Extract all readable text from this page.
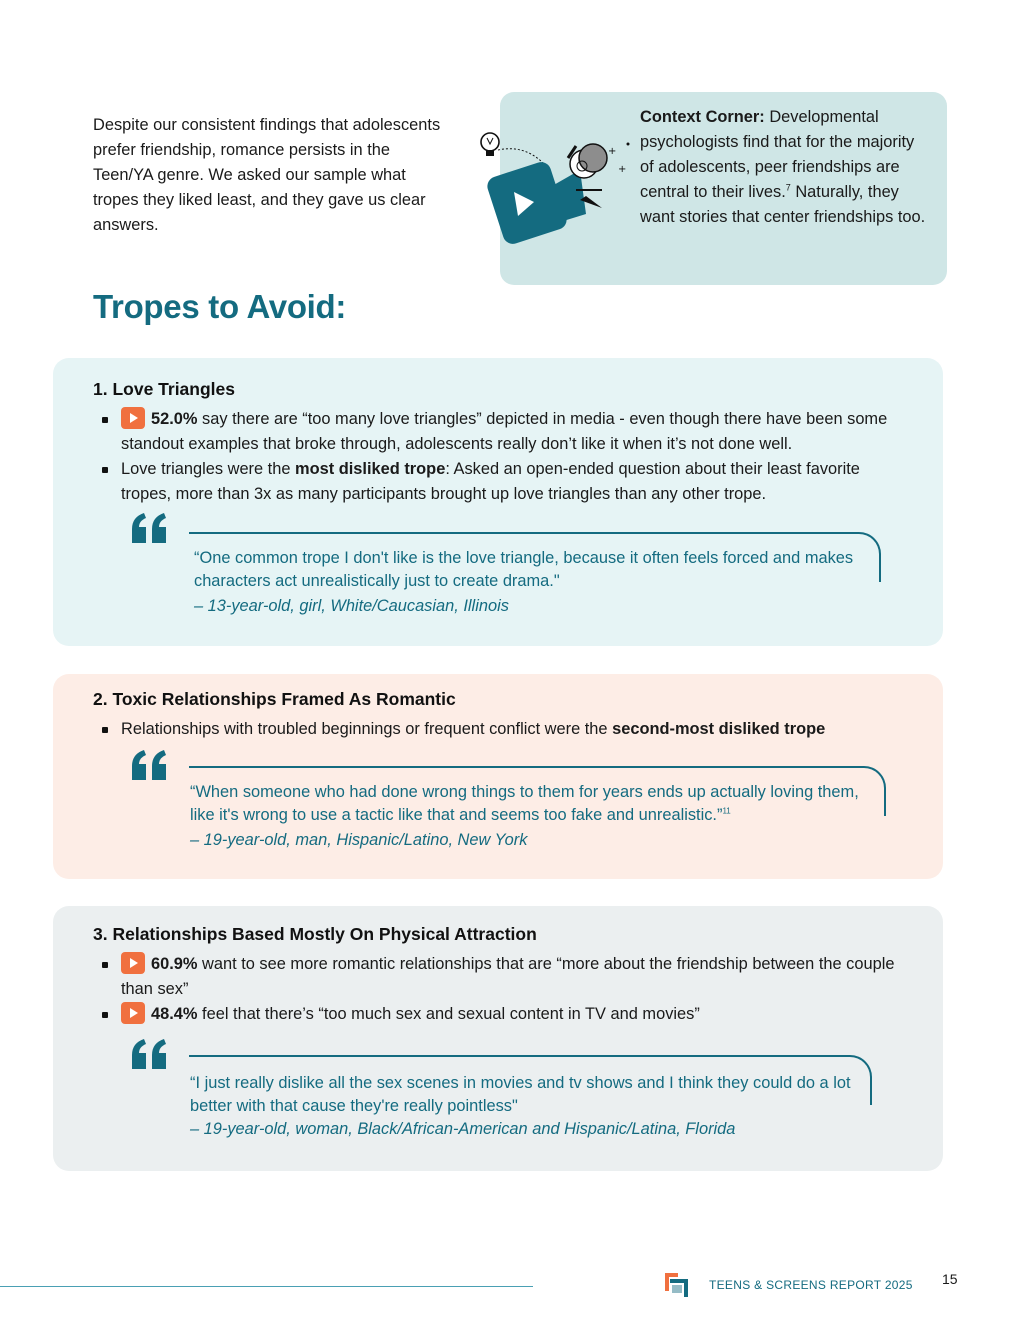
Despite our consistent findings that adolescents prefer friendship, romance persists in the Teen/YA genre. We asked our sample what tropes they liked least, and they gave us clear answers.

+
+

Context Corner: Developmental psychologists find that for the majority of adolescents, peer friendships are central to their lives.$^7$ Naturally, they want stories that center friendships too.

Tropes to Avoid:
1. Love Triangles

52.0% say there are “too many love triangles” depicted in media - even though there have been some standout examples that broke through, adolescents really don’t like it when it’s not done well.

Love triangles were the most disliked trope: Asked an open-ended question about their least favorite tropes, more than 3x as many participants brought up love triangles than any other trope.

“One common trope I don't like is the love triangle, because it often feels forced and makes characters act unrealistically just to create drama."

– 13-year-old, girl, White/Caucasian, Illinois

2. Toxic Relationships Framed As Romantic

Relationships with troubled beginnings or frequent conflict were the second-most disliked trope

“When someone who had done wrong things to them for years ends up actually loving them, like it's wrong to use a tactic like that and seems too fake and unrealistic.”$^{11}$

– 19-year-old, man, Hispanic/Latino, New York

3. Relationships Based Mostly On Physical Attraction

60.9% want to see more romantic relationships that are “more about the friendship between the couple than sex”

48.4% feel that there’s “too much sex and sexual content in TV and movies”

“I just really dislike all the sex scenes in movies and tv shows and I think they could do a lot better with that cause they're really pointless"

– 19-year-old, woman, Black/African-American and Hispanic/Latina, Florida

TEENS & SCREENS REPORT 2025 15
